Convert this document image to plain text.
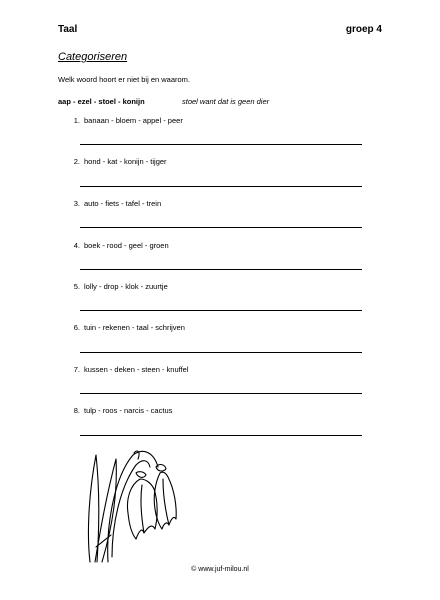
Taal	groep 4
Categoriseren
Welk woord hoort er niet bij en waarom.
aap - ezel - stoel - konijn	stoel want dat is geen dier
1. banaan - bloem - appel - peer
2. hond - kat - konijn - tijger
3. auto - fiets - tafel - trein
4. boek - rood - geel - groen
5. lolly - drop - klok - zuurtje
6. tuin - rekenen - taal - schrijven
7. kussen - deken - steen - knuffel
8. tulp - roos - narcis - cactus
© www.juf-milou.nl
